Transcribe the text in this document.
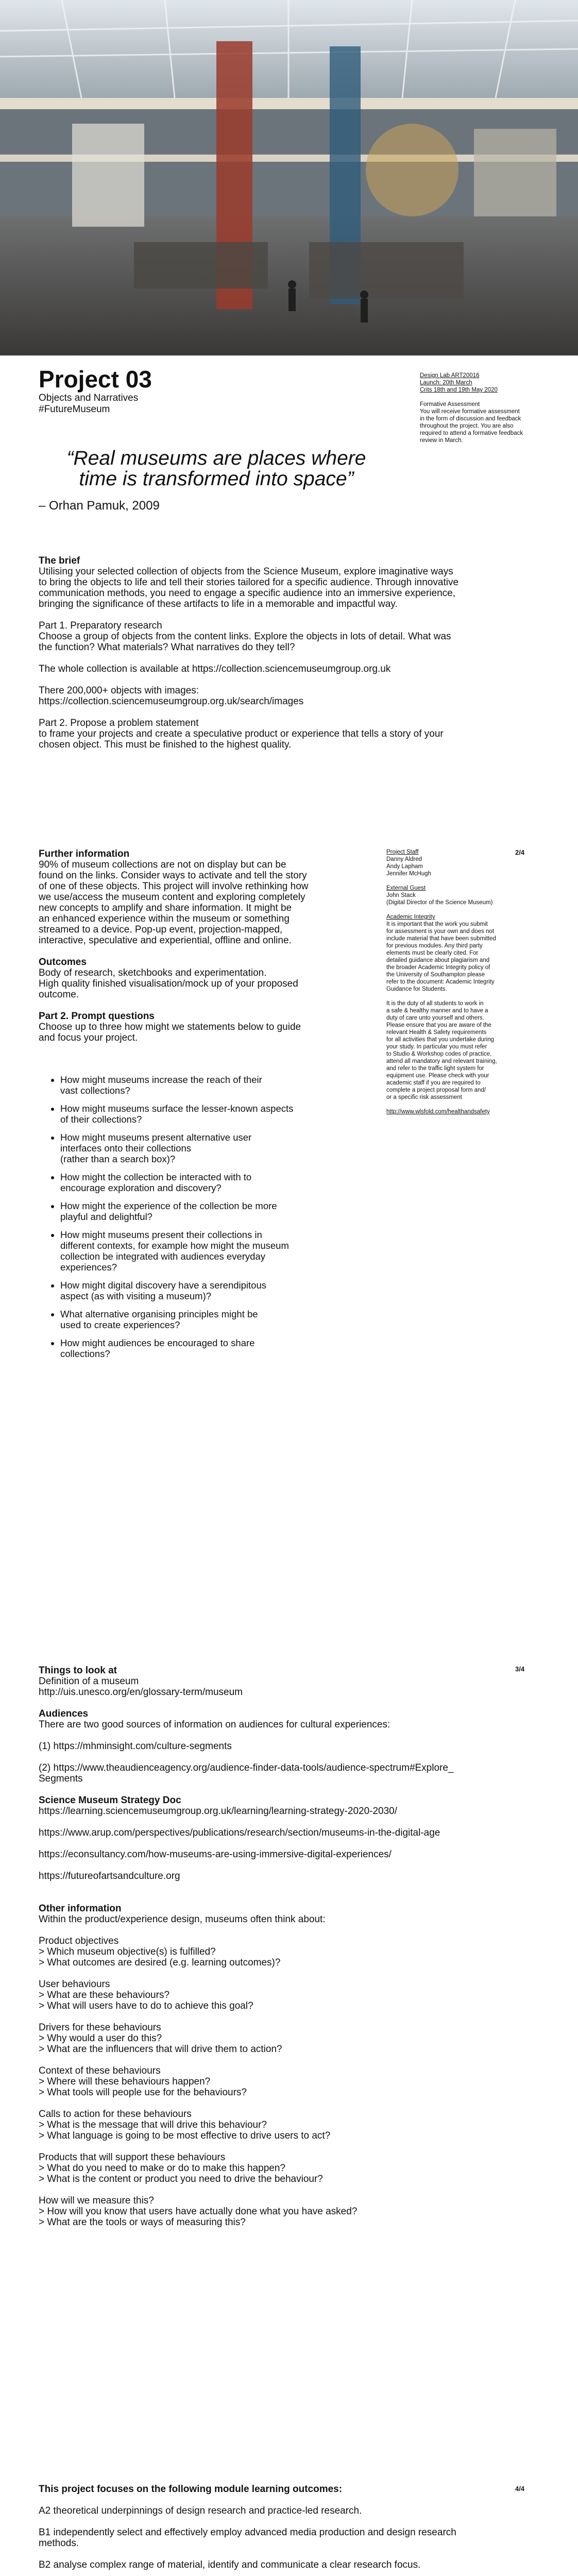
Project 03
Objects and Narratives
#FutureMuseum
Design Lab ART20016
Launch: 20th March
Crits 18th and 19th May 2020
Formative Assessment
You will receive formative assessment
in the form of discussion and feedback
throughout the project. You are also
required to attend a formative feedback
review in March.
“Real museums are places where
time is transformed into space”
– Orhan Pamuk, 2009

The brief

Utilising your selected collection of objects from the Science Museum, explore imaginative ways

to bring the objects to life and tell their stories tailored for a specific audience. Through innovative

communication methods, you need to engage a specific audience into an immersive experience,

bringing the significance of these artifacts to life in a memorable and impactful way.

Part 1. Preparatory research

Choose a group of objects from the content links. Explore the objects in lots of detail. What was

the function? What materials? What narratives do they tell?

The whole collection is available at https://collection.sciencemuseumgroup.org.uk

There 200,000+ objects with images:

https://collection.sciencemuseumgroup.org.uk/search/images

Part 2. Propose a problem statement

to frame your projects and create a speculative product or experience that tells a story of your

chosen object. This must be finished to the highest quality.

2/4

Further information

90% of museum collections are not on display but can be

found on the links. Consider ways to activate and tell the story

of one of these objects. This project will involve rethinking how

we use/access the museum content and exploring completely

new concepts to amplify and share information. It might be

an enhanced experience within the museum or something

streamed to a device. Pop-up event, projection-mapped,

interactive, speculative and experiential, offline and online.

Outcomes

Body of research, sketchbooks and experimentation.

High quality finished visualisation/mock up of your proposed

outcome.

Part 2. Prompt questions

Choose up to three how might we statements below to guide

and focus your project.

• How might museums increase the reach of their
vast collections?
• How might museums surface the lesser-known aspects
of their collections?
• How might museums present alternative user
interfaces onto their collections
(rather than a search box)?
• How might the collection be interacted with to
encourage exploration and discovery?
• How might the experience of the collection be more
playful and delightful?
• How might museums present their collections in
different contexts, for example how might the museum
collection be integrated with audiences everyday
experiences?
• How might digital discovery have a serendipitous
aspect (as with visiting a museum)?
• What alternative organising principles might be
used to create experiences?
• How might audiences be encouraged to share
collections?
Project Staff
Danny Aldred
Andy Lapham
Jennifer McHugh
External Guest
John Stack
(Digital Director of the Science Museum)
Academic Integrity
It is important that the work you submit
for assessment is your own and does not
include material that have been submitted
for previous modules. Any third party
elements must be clearly cited. For
detailed guidance about plagiarism and
the broader Academic Integrity policy of
the University of Southampton please
refer to the document: Academic Integrity
Guidance for Students.
It is the duty of all students to work in
a safe & healthy manner and to have a
duty of care unto yourself and others.
Please ensure that you are aware of the
relevant Health & Safety requirements
for all activities that you undertake during
your study. In particular you must refer
to Studio & Workshop codes of practice,
attend all mandatory and relevant training,
and refer to the traffic light system for
equipment use. Please check with your
academic staff if you are required to
complete a project proposal form and/
or a specific risk assessment
http://www.wlsfold.com/healthandsafety
3/4

Things to look at

Definition of a museum

http://uis.unesco.org/en/glossary-term/museum

Audiences

There are two good sources of information on audiences for cultural experiences:

(1) https://mhminsight.com/culture-segments

(2) https://www.theaudienceagency.org/audience-finder-data-tools/audience-spectrum#Explore_

Segments

Science Museum Strategy Doc

https://learning.sciencemuseumgroup.org.uk/learning/learning-strategy-2020-2030/

https://www.arup.com/perspectives/publications/research/section/museums-in-the-digital-age

https://econsultancy.com/how-museums-are-using-immersive-digital-experiences/

https://futureofartsandculture.org

Other information

Within the product/experience design, museums often think about:

Product objectives

> Which museum objective(s) is fulfilled?

> What outcomes are desired (e.g. learning outcomes)?

User behaviours

> What are these behaviours?

> What will users have to do to achieve this goal?

Drivers for these behaviours

> Why would a user do this?

> What are the influencers that will drive them to action?

Context of these behaviours

> Where will these behaviours happen?

> What tools will people use for the behaviours?

Calls to action for these behaviours

> What is the message that will drive this behaviour?

> What language is going to be most effective to drive users to act?

Products that will support these behaviours

> What do you need to make or do to make this happen?

> What is the content or product you need to drive the behaviour?

How will we measure this?

> How will you know that users have actually done what you have asked?

> What are the tools or ways of measuring this?

4/4

This project focuses on the following module learning outcomes:

A2 theoretical underpinnings of design research and practice-led research.

B1 independently select and effectively employ advanced media production and design research

methods.

B2 analyse complex range of material, identify and communicate a clear research focus.
